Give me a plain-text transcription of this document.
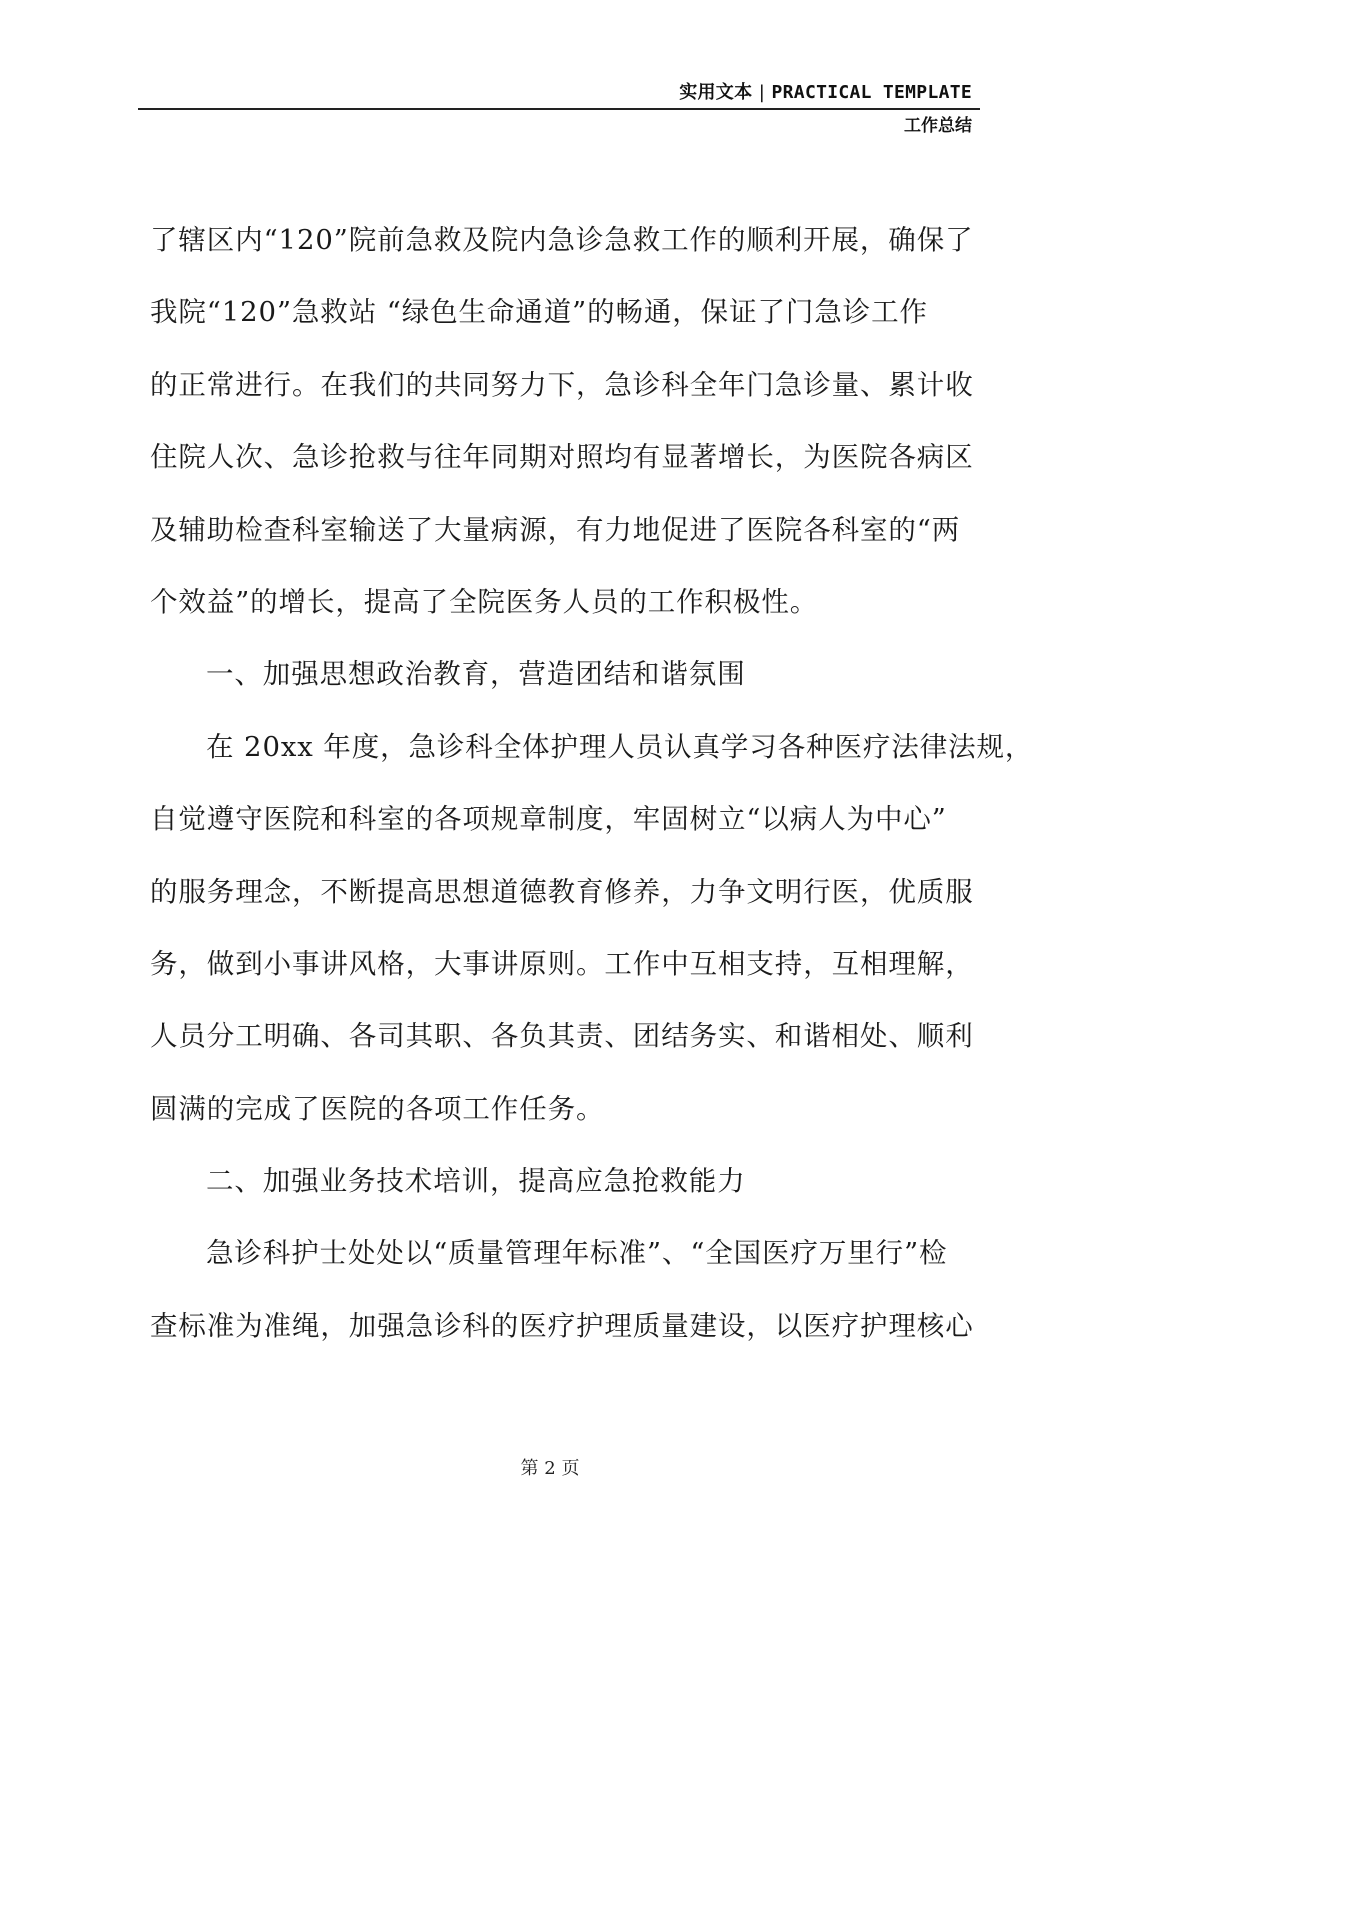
实用文本 | PRACTICAL TEMPLATE
工作总结
了辖区内“120”院前急救及院内急诊急救工作的顺利开展，确保了
我院“120”急救站 “绿色生命通道”的畅通，保证了门急诊工作
的正常进行。在我们的共同努力下，急诊科全年门急诊量、累计收
住院人次、急诊抢救与往年同期对照均有显著增长，为医院各病区
及辅助检查科室输送了大量病源，有力地促进了医院各科室的“两
个效益”的增长，提高了全院医务人员的工作积极性。
一、加强思想政治教育，营造团结和谐氛围
在 20xx 年度，急诊科全体护理人员认真学习各种医疗法律法规，
自觉遵守医院和科室的各项规章制度，牢固树立“以病人为中心”
的服务理念，不断提高思想道德教育修养，力争文明行医，优质服
务，做到小事讲风格，大事讲原则。工作中互相支持，互相理解，
人员分工明确、各司其职、各负其责、团结务实、和谐相处、顺利
圆满的完成了医院的各项工作任务。
二、加强业务技术培训，提高应急抢救能力
急诊科护士处处以“质量管理年标准”、“全国医疗万里行”检
查标准为准绳，加强急诊科的医疗护理质量建设，以医疗护理核心
第 2 页
